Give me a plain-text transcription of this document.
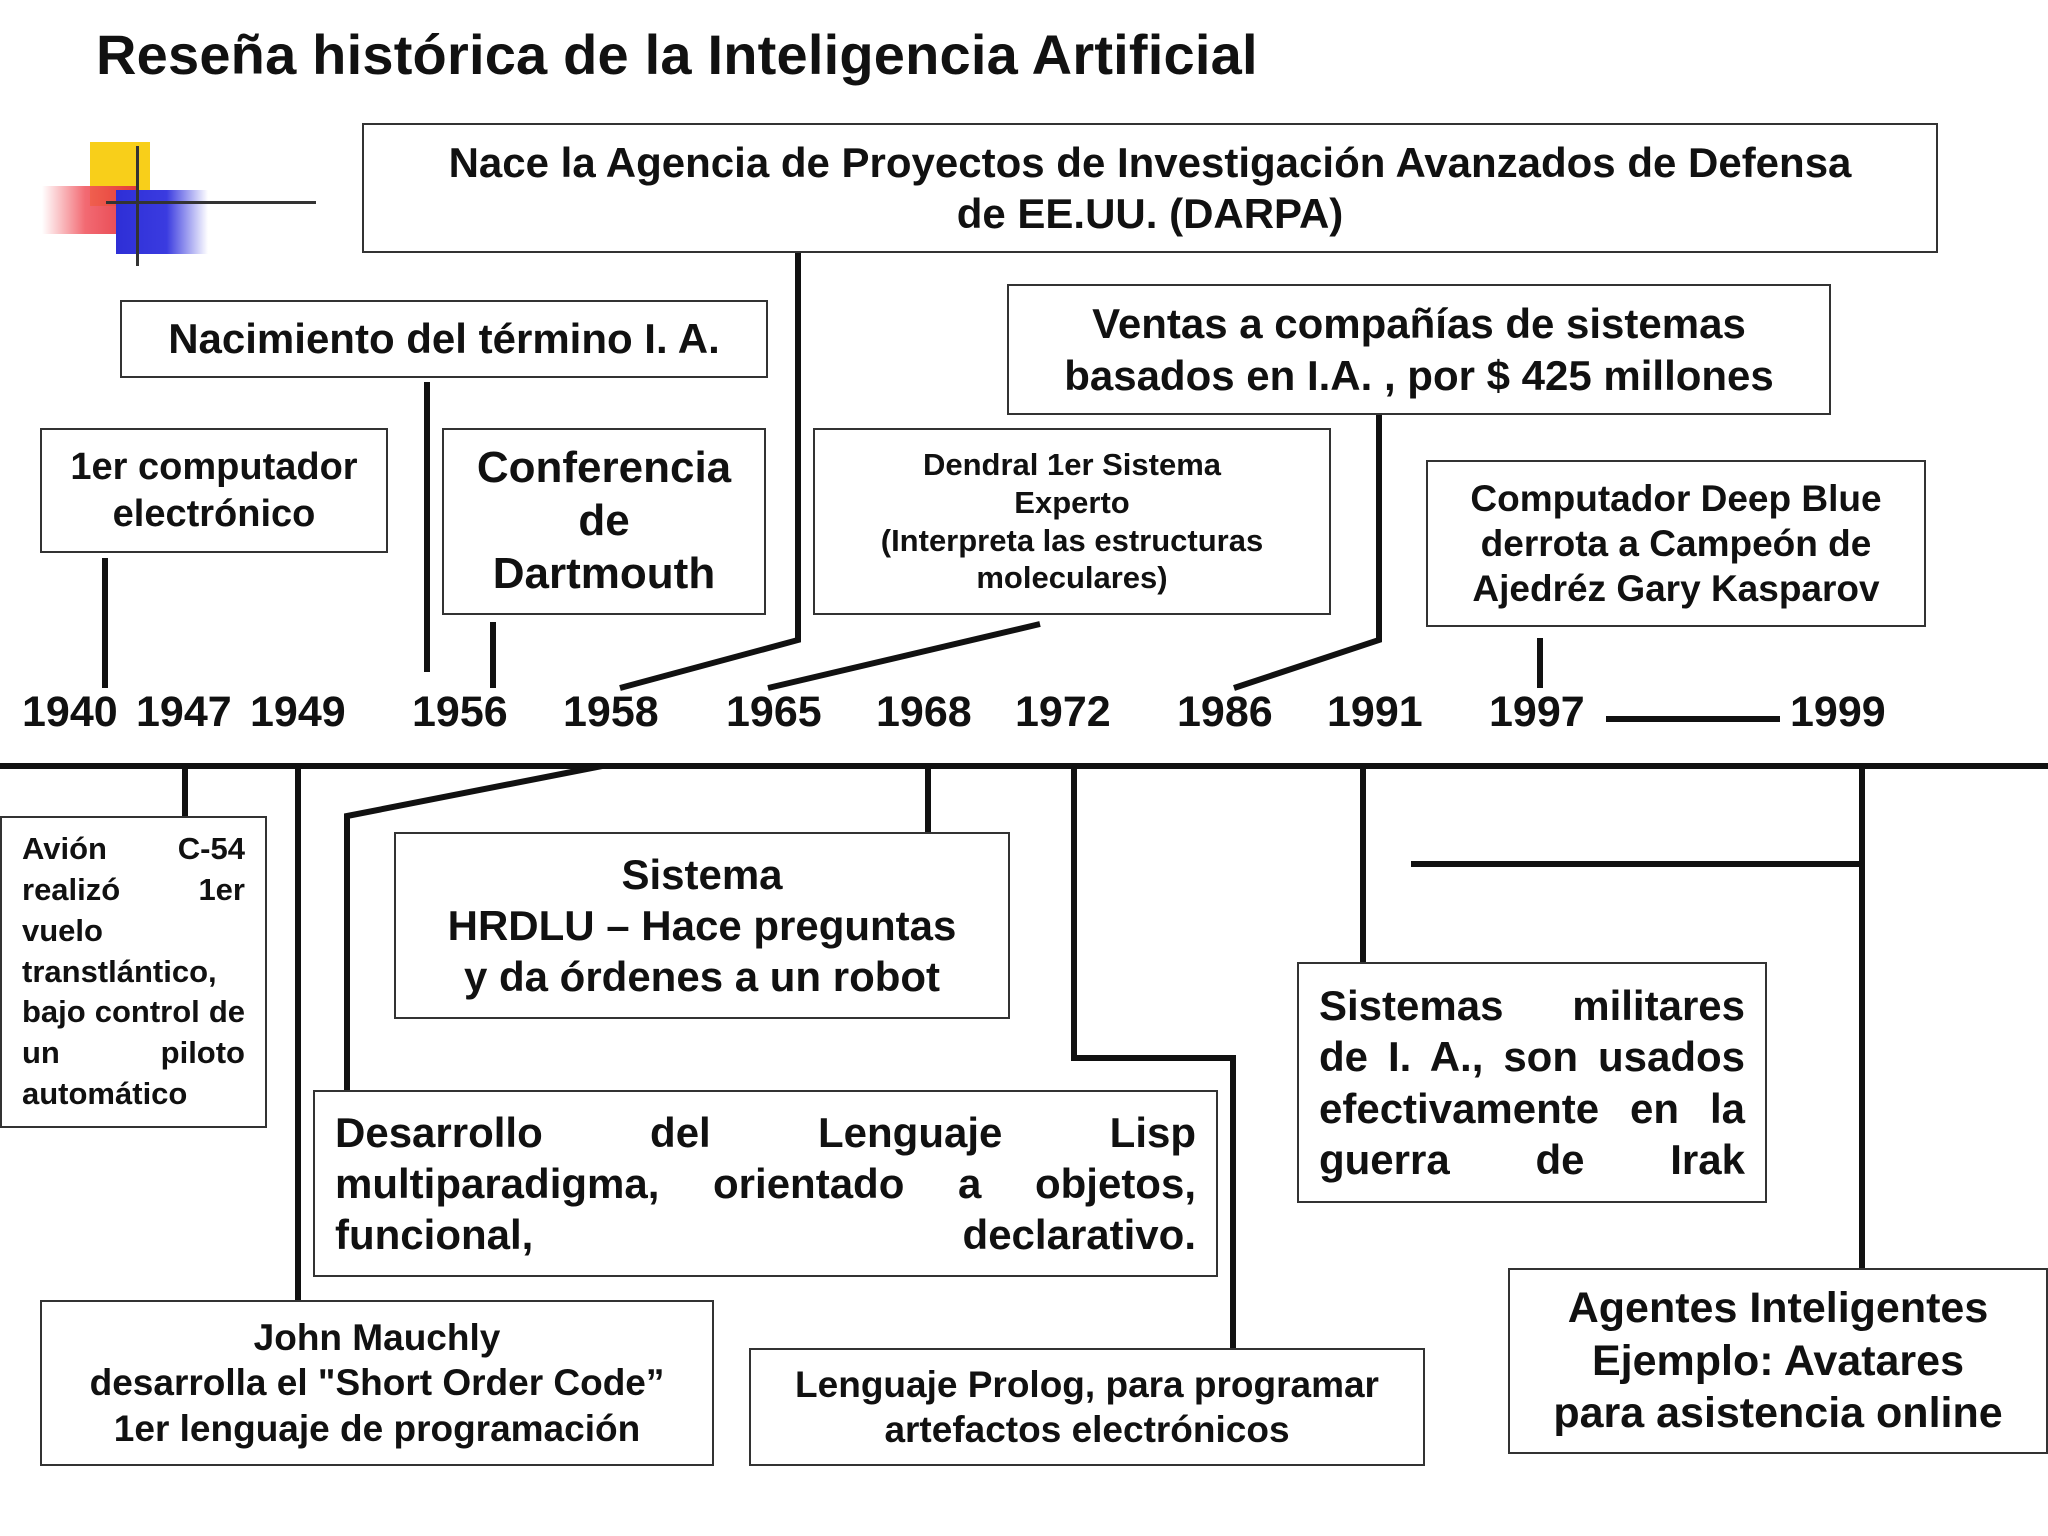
Reseña histórica de la Inteligencia Artificial
1940 1947 1949 1956 1958 1965 1968 1972 1986 1991 1997	1999
Nace la Agencia de Proyectos de Investigación Avanzados de Defensa
de EE.UU. (DARPA)
Nacimiento del término I. A.	Ventas a compañías de sistemas
basados en I.A. , por $ 425 millones
1er computador
electrónico
Conferencia
de
Dartmouth
Dendral 1er Sistema
Experto
(Interpreta las estructuras
moleculares)
Computador Deep Blue
derrota a Campeón de
Ajedréz Gary Kasparov
Avión C-54 realizó 1er vuelo transtlántico, bajo control de un piloto automático
Sistema
HRDLU – Hace preguntas
y da órdenes a un robot
Desarrollo del Lenguaje Lisp multiparadigma, orientado a objetos, funcional, declarativo.
Sistemas militares de I. A., son usados efectivamente en la guerra de Irak
John Mauchly
desarrolla el "Short Order Code”
1er lenguaje de programación
Lenguaje Prolog, para programar
artefactos electrónicos
Agentes Inteligentes
Ejemplo: Avatares
para asistencia online
